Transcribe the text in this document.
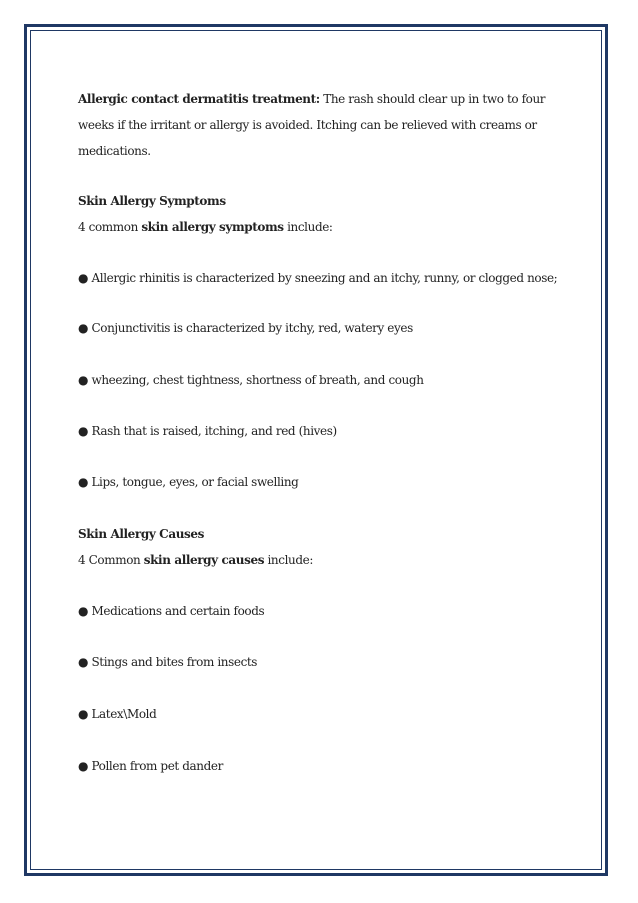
Allergic contact dermatitis treatment: The rash should clear up in two to four
weeks if the irritant or allergy is avoided. Itching can be relieved with creams or
medications.
Skin Allergy Symptoms
4 common skin allergy symptoms include:
● Allergic rhinitis is characterized by sneezing and an itchy, runny, or clogged nose;
● Conjunctivitis is characterized by itchy, red, watery eyes
● wheezing, chest tightness, shortness of breath, and cough
● Rash that is raised, itching, and red (hives)
● Lips, tongue, eyes, or facial swelling
Skin Allergy Causes
4 Common skin allergy causes include:
● Medications and certain foods
● Stings and bites from insects
● Latex\Mold
● Pollen from pet dander
